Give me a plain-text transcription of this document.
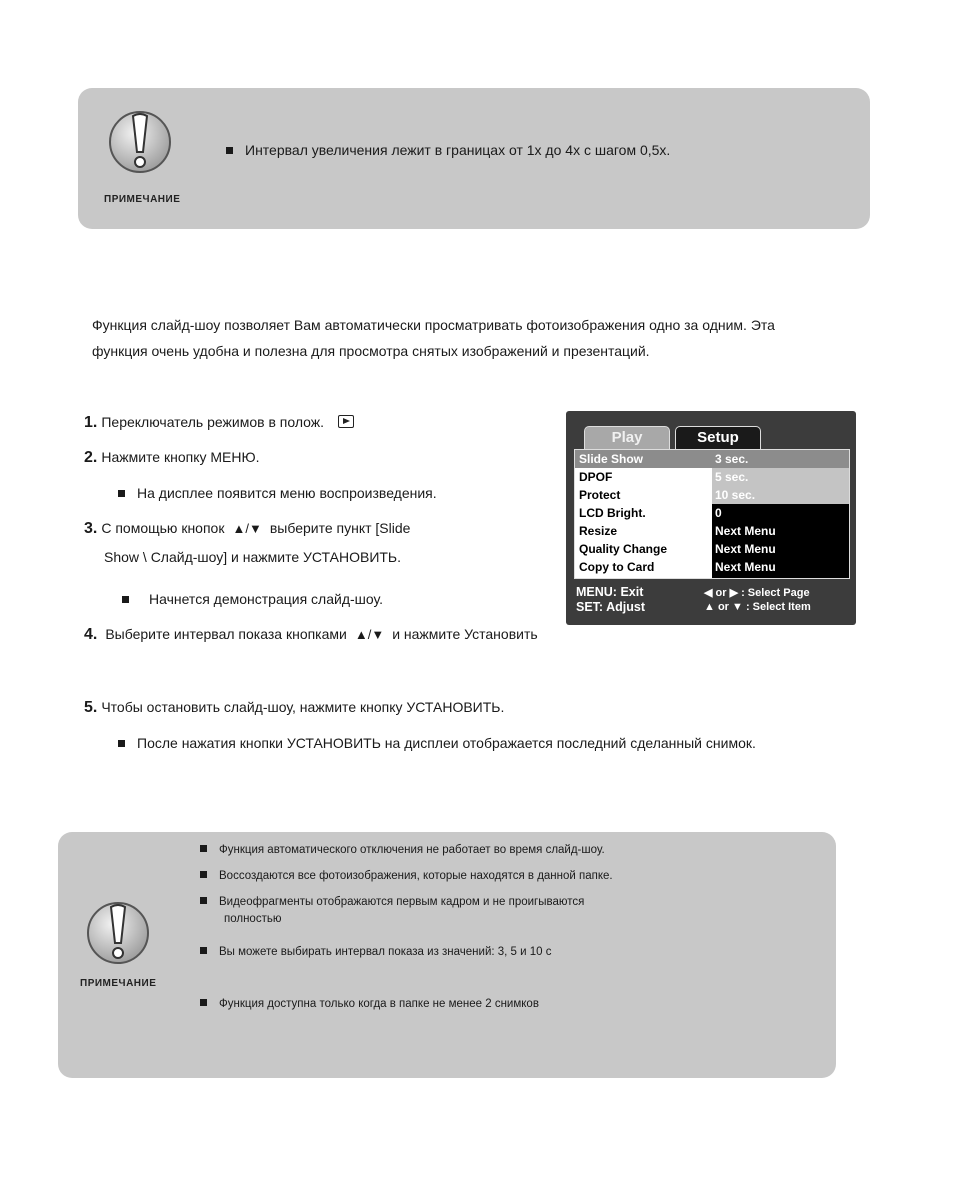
ПРИМЕЧАНИЕ
Интервал увеличения лежит в границах от 1х до 4х с шагом 0,5х.
Функция слайд-шоу позволяет Вам автоматически просматривать фотоизображения одно за одним. Эта
функция очень удобна и полезна для просмотра снятых изображений и презентаций.
1. Переключатель режимов в полож.
2. Нажмите кнопку МЕНЮ.
На дисплее появится меню воспроизведения.
3. С помощью кнопок ▲/▼ выберите пункт [Slide
Show \ Слайд-шоу] и нажмите УСТАНОВИТЬ.
Начнется демонстрация слайд-шоу.
4. Выберите интервал показа кнопками ▲/▼ и нажмите Установить
5. Чтобы остановить слайд-шоу, нажмите кнопку УСТАНОВИТЬ.
После нажатия кнопки УСТАНОВИТЬ на дисплеи отображается последний сделанный снимок.
Play	Setup
Slide Show	3 sec.
DPOF	5 sec.
Protect	10 sec.
LCD Bright.	0
Resize	Next Menu
Quality Change	Next Menu
Copy to Card	Next Menu
MENU: Exit	◀ or ▶ : Select Page
SET: Adjust	▲ or ▼ : Select Item
ПРИМЕЧАНИЕ
Функция автоматического отключения не работает во время слайд-шоу.
Воссоздаются все фотоизображения, которые находятся в данной папке.
Видеофрагменты отображаются первым кадром и не проигываются
полностью
Вы можете выбирать интервал показа из значений: 3, 5 и 10 с
Функция доступна только когда в папке не менее 2 снимков
